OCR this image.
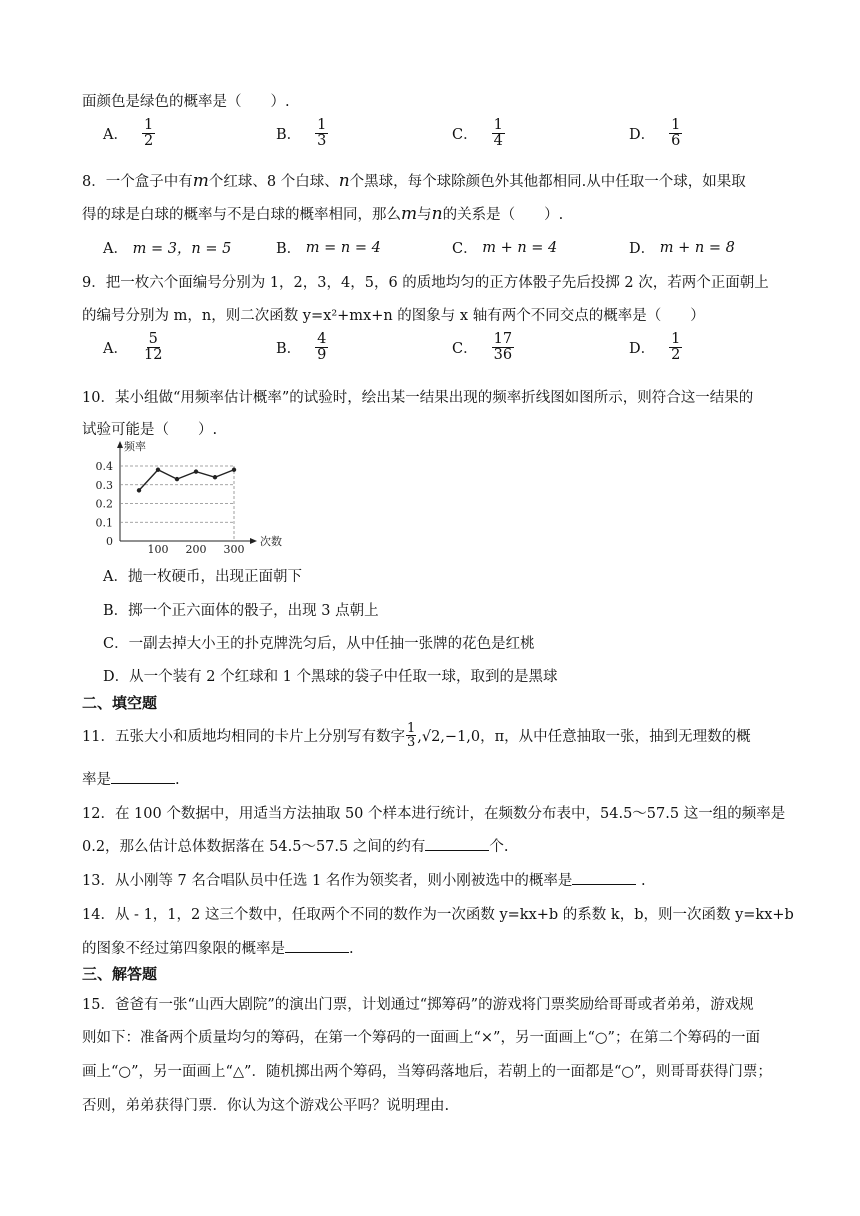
面颜色是绿色的概率是（　　）.
A． $\frac{1}{2}$	B． $\frac{1}{3}$	C． $\frac{1}{4}$	D． $\frac{1}{6}$
8．一个盒子中有m个红球、8 个白球、n个黑球，每个球除颜色外其他都相同.从中任取一个球，如果取
得的球是白球的概率与不是白球的概率相同，那么m与n的关系是（　　）.
A．
m = 3，n = 5	B．
m = n = 4	C．
m + n = 4	D．
m + n = 8
9．把一枚六个面编号分别为 1，2，3，4，5，6 的质地均匀的正方体骰子先后投掷 2 次，若两个正面朝上
的编号分别为 m，n，则二次函数 y=x²+mx+n 的图象与 x 轴有两个不同交点的概率是（　　）
A． $\frac{5}{12}$	B． $\frac{4}{9}$	C． $\frac{17}{36}$	D． $\frac{1}{2}$
10．某小组做“用频率估计概率”的试验时，绘出某一结果出现的频率折线图如图所示，则符合这一结果的
试验可能是（　　）.
0.4
0.3
0.2
0.1
0
100 200 300
频率
次数
A．抛一枚硬币，出现正面朝下
B．掷一个正六面体的骰子，出现 3 点朝上
C．一副去掉大小王的扑克牌洗匀后，从中任抽一张牌的花色是红桃
D．从一个装有 2 个红球和 1 个黑球的袋子中任取一球，取到的是黑球
二、填空题
11．五张大小和质地均相同的卡片上分别写有数字
1
3 ,√2,−1,0，π，从中任意抽取一张，抽到无理数的概
率是	.
12．在 100 个数据中，用适当方法抽取 50 个样本进行统计，在频数分布表中，54.5～57.5 这一组的频率是
0.2，那么估计总体数据落在 54.5～57.5 之间的约有	个.
13．从小刚等 7 名合唱队员中任选 1 名作为领奖者，则小刚被选中的概率是	.
14．从 - 1，1，2 这三个数中，任取两个不同的数作为一次函数 y=kx+b 的系数 k，b，则一次函数 y=kx+b
的图象不经过第四象限的概率是	.
三、解答题
15．爸爸有一张“山西大剧院”的演出门票，计划通过“掷筹码”的游戏将门票奖励给哥哥或者弟弟，游戏规
则如下：准备两个质量均匀的筹码，在第一个筹码的一面画上“×”，另一面画上“○”；在第二个筹码的一面
画上“○”，另一面画上“△”．随机掷出两个筹码，当筹码落地后，若朝上的一面都是“○”，则哥哥获得门票；
否则，弟弟获得门票．你认为这个游戏公平吗？说明理由.
